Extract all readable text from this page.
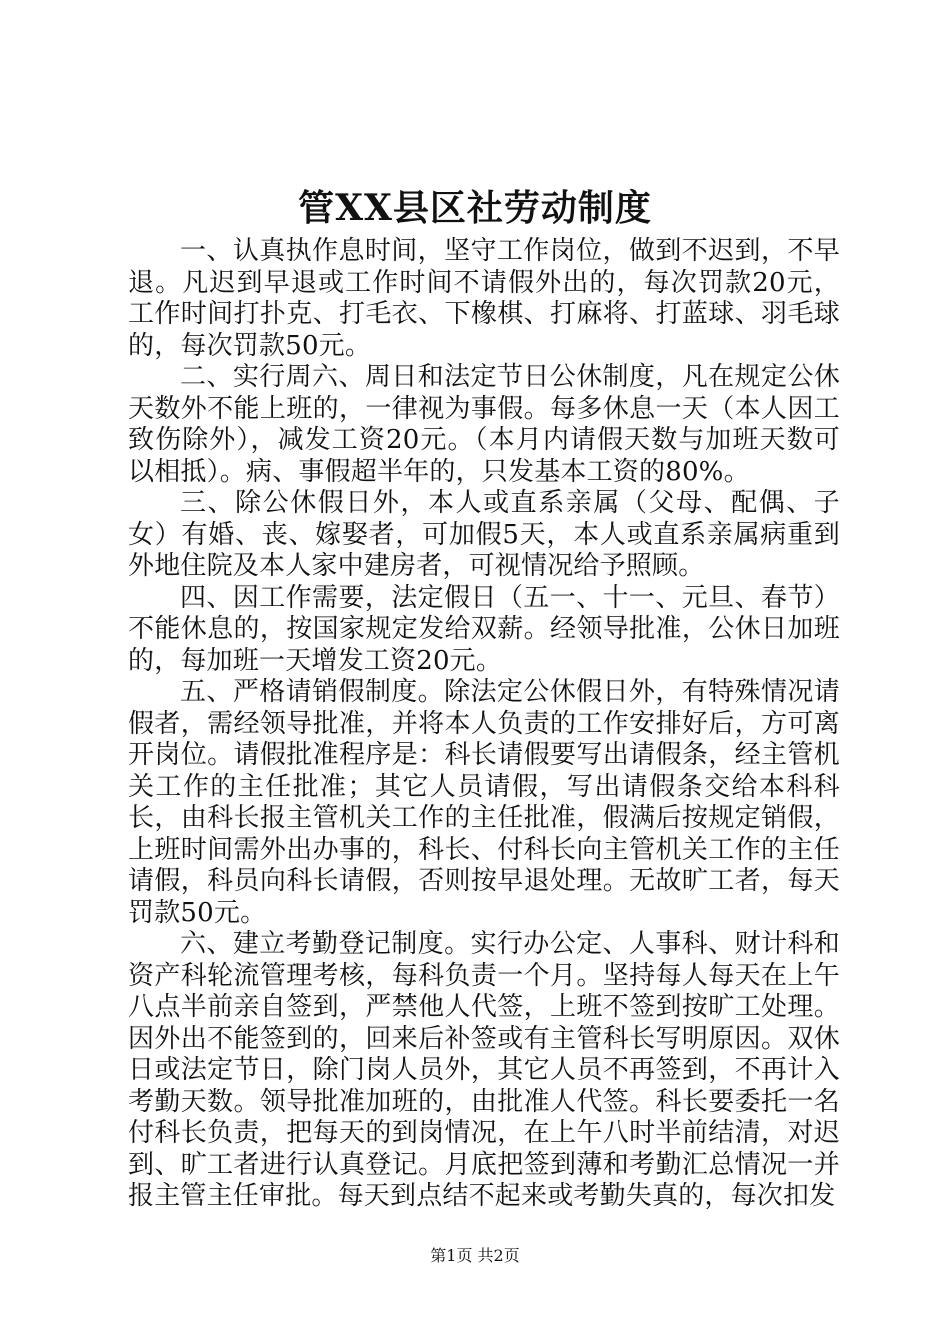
管XX县区社劳动制度

一、认真执作息时间，坚守工作岗位，做到不迟到，不早退。凡迟到早退或工作时间不请假外出的，每次罚款20元，工作时间打扑克、打毛衣、下橡棋、打麻将、打蓝球、羽毛球的，每次罚款50元。

二、实行周六、周日和法定节日公休制度，凡在规定公休天数外不能上班的，一律视为事假。每多休息一天（本人因工致伤除外），减发工资20元。（本月内请假天数与加班天数可以相抵）。病、事假超半年的，只发基本工资的80%。

三、除公休假日外，本人或直系亲属（父母、配偶、子女）有婚、丧、嫁娶者，可加假5天，本人或直系亲属病重到外地住院及本人家中建房者，可视情况给予照顾。

四、因工作需要，法定假日（五一、十一、元旦、春节）不能休息的，按国家规定发给双薪。经领导批准，公休日加班的，每加班一天增发工资20元。

五、严格请销假制度。除法定公休假日外，有特殊情况请假者，需经领导批准，并将本人负责的工作安排好后，方可离开岗位。请假批准程序是：科长请假要写出请假条，经主管机关工作的主任批准；其它人员请假，写出请假条交给本科科长，由科长报主管机关工作的主任批准，假满后按规定销假，上班时间需外出办事的，科长、付科长向主管机关工作的主任请假，科员向科长请假，否则按早退处理。无故旷工者，每天罚款50元。

六、建立考勤登记制度。实行办公定、人事科、财计科和资产科轮流管理考核，每科负责一个月。坚持每人每天在上午八点半前亲自签到，严禁他人代签，上班不签到按旷工处理。因外出不能签到的，回来后补签或有主管科长写明原因。双休日或法定节日，除门岗人员外，其它人员不再签到，不再计入考勤天数。领导批准加班的，由批准人代签。科长要委托一名付科长负责，把每天的到岗情况，在上午八时半前结清，对迟到、旷工者进行认真登记。月底把签到薄和考勤汇总情况一并报主管主任审批。每天到点结不起来或考勤失真的，每次扣发

第1页 共2页
